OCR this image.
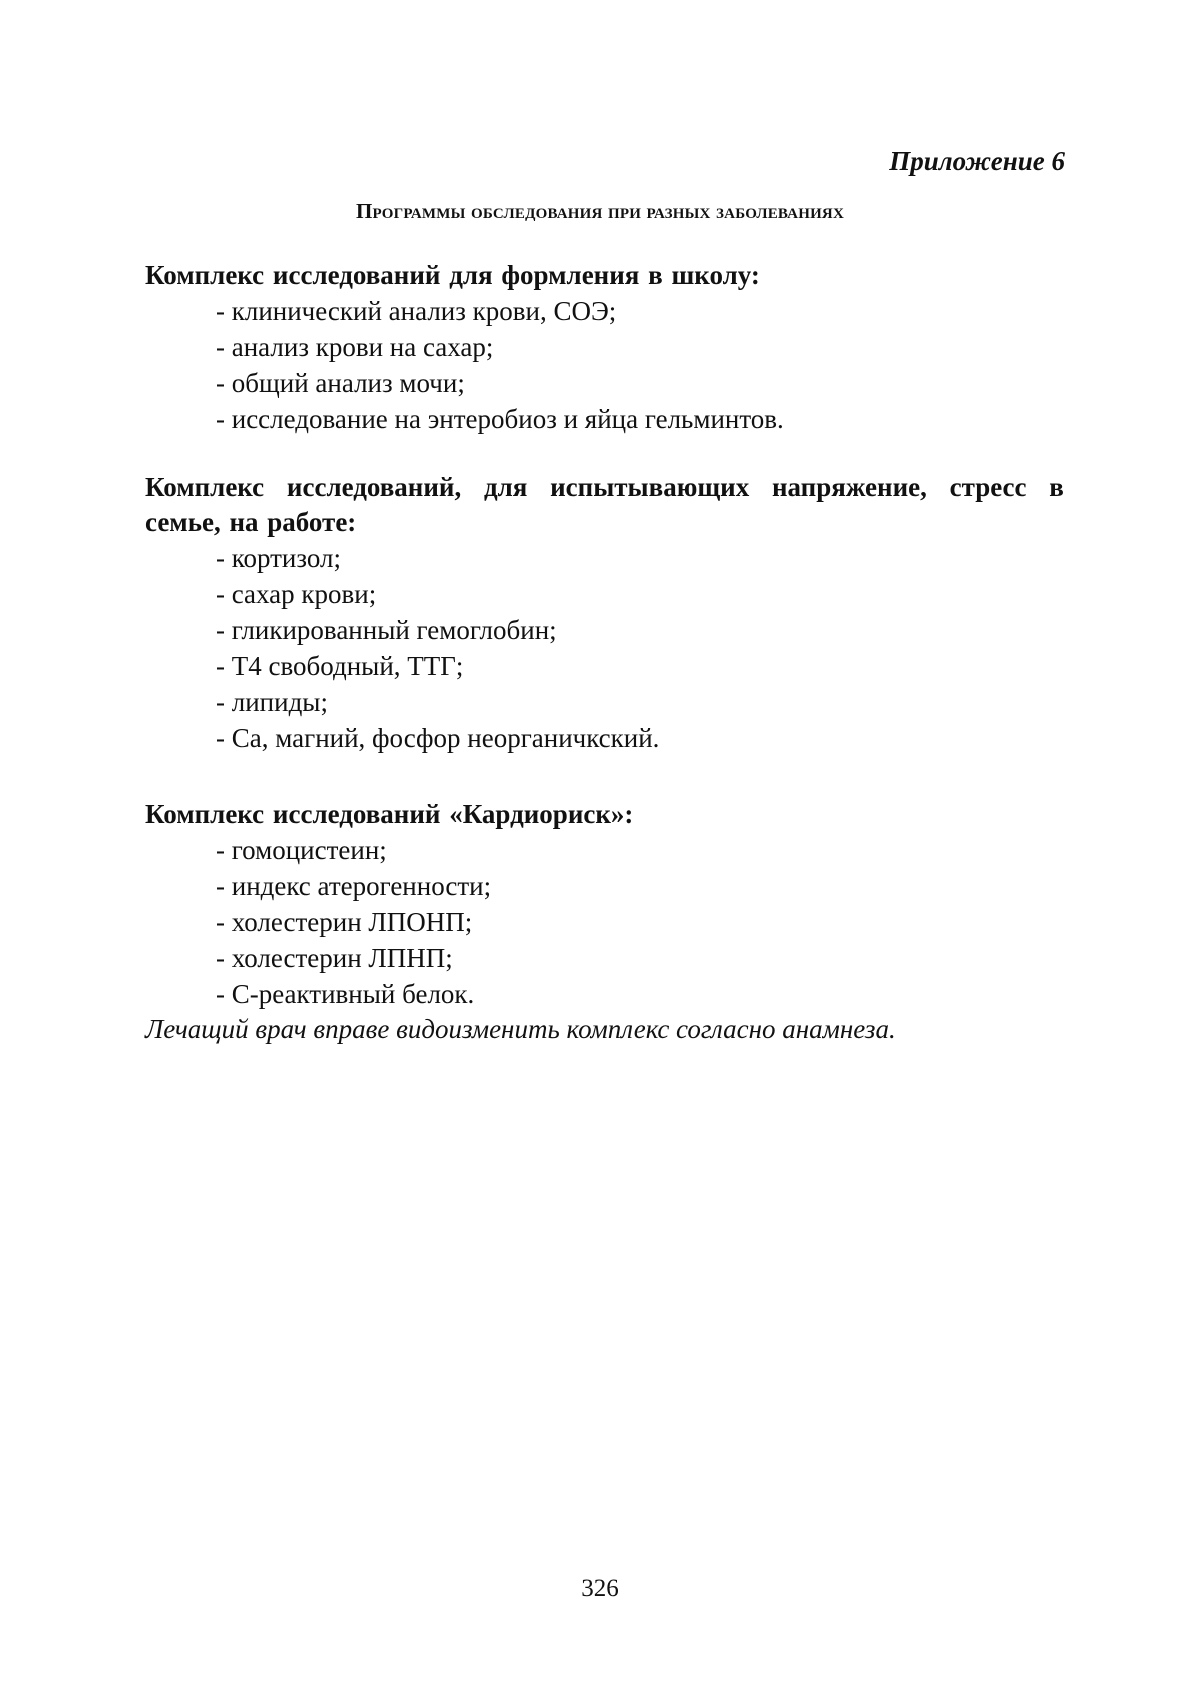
Приложение 6
Программы обследования при разных заболеваниях

Комплекс исследований для формления в школу:

- клинический анализ крови, СОЭ;
- анализ крови на сахар;
- общий анализ мочи;
- исследование на энтеробиоз и яйца гельминтов.

Комплекс исследований, для испытывающих напряжение, стресс в

семье, на работе:

- кортизол;
- сахар крови;
- гликированный гемоглобин;
- Т4 свободный, ТТГ;
- липиды;
- Са, магний, фосфор неорганичкский.

Комплекс исследований «Кардиориск»:

- гомоцистеин;
- индекс атерогенности;
- холестерин ЛПОНП;
- холестерин ЛПНП;
- С-реактивный белок.
Лечащий врач вправе видоизменить комплекс согласно анамнеза.
326
